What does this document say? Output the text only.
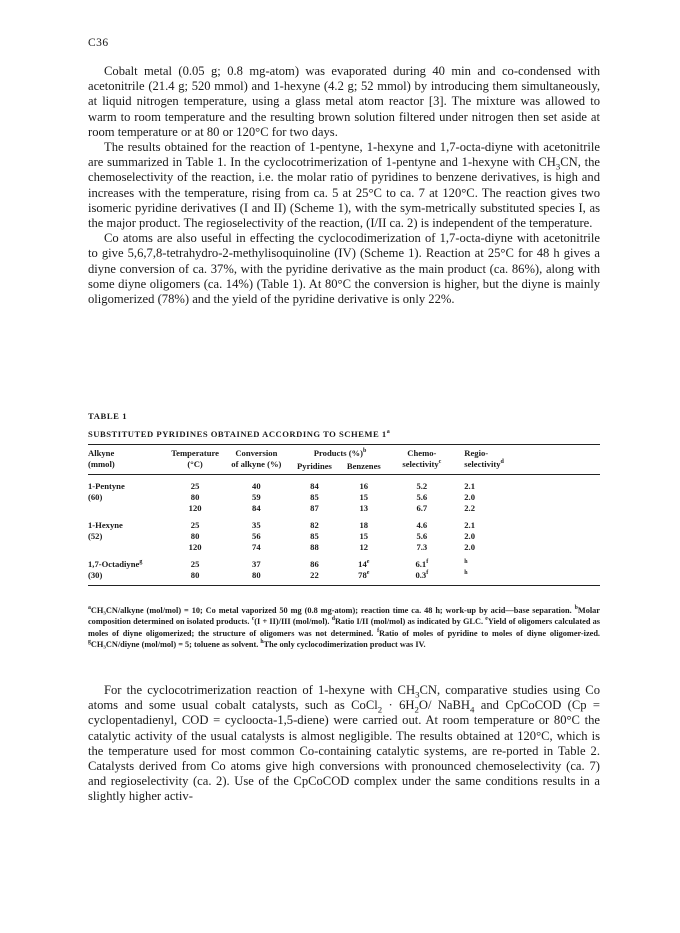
C36

Cobalt metal (0.05 g; 0.8 mg-atom) was evaporated during 40 min and co-condensed with acetonitrile (21.4 g; 520 mmol) and 1-hexyne (4.2 g; 52 mmol) by introducing them simultaneously, at liquid nitrogen temperature, using a glass metal atom reactor [3]. The mixture was allowed to warm to room temperature and the resulting brown solution filtered under nitrogen then set aside at room temperature or at 80 or 120°C for two days.

The results obtained for the reaction of 1-pentyne, 1-hexyne and 1,7-octa-diyne with acetonitrile are summarized in Table 1. In the cyclocotrimerization of 1-pentyne and 1-hexyne with $CH_3CN$, the chemoselectivity of the reaction, i.e. the molar ratio of pyridines to benzene derivatives, is high and increases with the temperature, rising from ca. 5 at 25°C to ca. 7 at 120°C. The reaction gives two isomeric pyridine derivatives (I and II) (Scheme 1), with the sym-metrically substituted species I, as the major product. The regioselectivity of the reaction, (I/II ca. 2) is independent of the temperature.

Co atoms are also useful in effecting the cyclocodimerization of 1,7-octa-diyne with acetonitrile to give 5,6,7,8-tetrahydro-2-methylisoquinoline (IV) (Scheme 1). Reaction at 25°C for 48 h gives a diyne conversion of ca. 37%, with the pyridine derivative as the main product (ca. 86%), along with some diyne oligomers (ca. 14%) (Table 1). At 80°C the conversion is higher, but the diyne is mainly oligomerized (78%) and the yield of the pyridine derivative is only 22%.

TABLE 1
SUBSTITUTED PYRIDINES OBTAINED ACCORDING TO SCHEME 1$^a$
Alkyne	Temperature	Conversion	Products (%)$^b$		Chemo-	Regio-
(mmol)	(°C)	of alkyne (%)	Pyridines	Benzenes	selectivity$^c$	selectivity$^d$
1-Pentyne	25	40	84	16	5.2	2.1
(60)	80	59	85	15	5.6	2.0
	120	84	87	13	6.7	2.2
1-Hexyne	25	35	82	18	4.6	2.1
(52)	80	56	85	15	5.6	2.0
	120	74	88	12	7.3	2.0
1,7-Octadiyne$^g$	25	37	86	14e	6.1$^f$	$^h$
(30)	80	80	22	78e	0.3$^f$	$^h$
$^a$CH₃CN/alkyne (mol/mol) = 10; Co metal vaporized 50 mg (0.8 mg-atom); reaction time ca. 48 h; work-up by acid—base separation. $^b$Molar composition determined on isolated products. $^c$(I + II)/III (mol/mol). $^d$Ratio I/II (mol/mol) as indicated by GLC. $^e$Yield of oligomers calculated as moles of diyne oligomerized; the structure of oligomers was not determined. $^f$Ratio of moles of pyridine to moles of diyne oligomer-ized. $^g$CH₃CN/diyne (mol/mol) = 5; toluene as solvent. $^h$The only cyclocodimerization product was IV.

For the cyclocotrimerization reaction of 1-hexyne with $CH_3CN$, comparative studies using Co atoms and some usual cobalt catalysts, such as CoCl$_2$ · $6H_2O/$ NaBH$_4$ and CpCoCOD (Cp = cyclopentadienyl, COD = cycloocta-1,5-diene) were carried out. At room temperature or 80°C the catalytic activity of the usual catalysts is almost negligible. The results obtained at 120°C, which is the temperature used for most common Co-containing catalytic systems, are re-ported in Table 2. Catalysts derived from Co atoms give high conversions with pronounced chemoselectivity (ca. 7) and regioselectivity (ca. 2). Use of the CpCoCOD complex under the same conditions results in a slightly higher activ-
